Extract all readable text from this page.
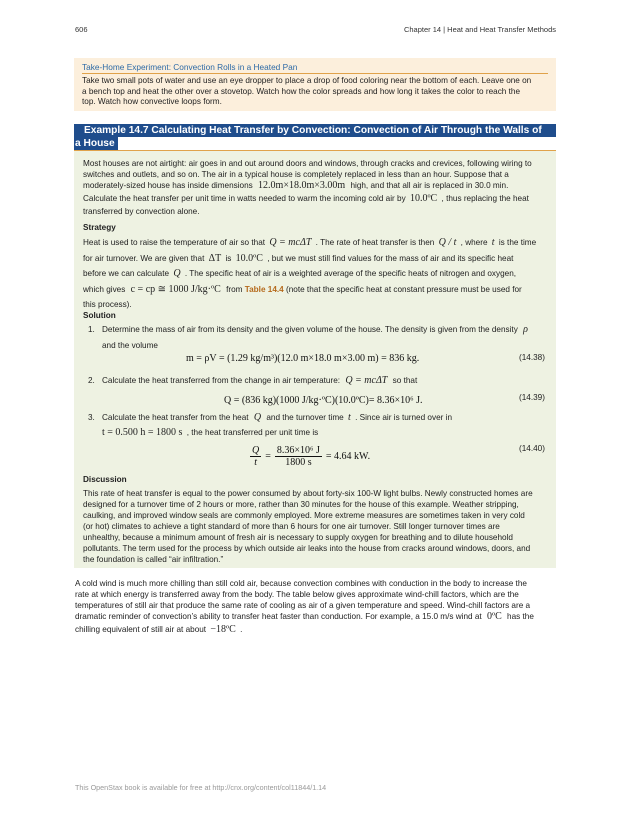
606	Chapter 14 | Heat and Heat Transfer Methods
Take-Home Experiment: Convection Rolls in a Heated Pan
Take two small pots of water and use an eye dropper to place a drop of food coloring near the bottom of each. Leave one on
a bench top and heat the other over a stovetop. Watch how the color spreads and how long it takes the color to reach the
top. Watch how convective loops form.
Example 14.7 Calculating Heat Transfer by Convection: Convection of Air Through the Walls of
a House
Most houses are not airtight: air goes in and out around doors and windows, through cracks and crevices, following wiring to
switches and outlets, and so on. The air in a typical house is completely replaced in less than an hour. Suppose that a
moderately-sized house has inside dimensions 12.0m×18.0m×3.00m high, and that all air is replaced in 30.0 min.
Calculate the heat transfer per unit time in watts needed to warm the incoming cold air by 10.0ºC , thus replacing the heat
transferred by convection alone.
Strategy
Heat is used to raise the temperature of air so that Q = mcΔT . The rate of heat transfer is then Q / t , where t is the time
for air turnover. We are given that ΔT is 10.0ºC , but we must still find values for the mass of air and its specific heat
before we can calculate Q . The specific heat of air is a weighted average of the specific heats of nitrogen and oxygen,
which gives c = cp ≅ 1000 J/kg·ºC from Table 14.4 (note that the specific heat at constant pressure must be used for
this process).
Solution
1. Determine the mass of air from its density and the given volume of the house. The density is given from the density ρ
and the volume
m = ρV = (1.29 kg/m³)(12.0 m×18.0 m×3.00 m) = 836 kg.	(14.38)
2. Calculate the heat transferred from the change in air temperature: Q = mcΔT so that
Q = (836 kg)(1000 J/kg·ºC)(10.0ºC)= 8.36×10⁶ J.	(14.39)
3. Calculate the heat transfer from the heat Q and the turnover time t . Since air is turned over in
t = 0.500 h = 1800 s , the heat transferred per unit time is
$\frac{Q}{t} = \frac{\text{8.36×10⁶ J}}{1800 s} = 4.64$ kW.
(14.40)
Discussion
This rate of heat transfer is equal to the power consumed by about forty-six 100-W light bulbs. Newly constructed homes are
designed for a turnover time of 2 hours or more, rather than 30 minutes for the house of this example. Weather stripping,
caulking, and improved window seals are commonly employed. More extreme measures are sometimes taken in very cold
(or hot) climates to achieve a tight standard of more than 6 hours for one air turnover. Still longer turnover times are
unhealthy, because a minimum amount of fresh air is necessary to supply oxygen for breathing and to dilute household
pollutants. The term used for the process by which outside air leaks into the house from cracks around windows, doors, and
the foundation is called “air infiltration.”
A cold wind is much more chilling than still cold air, because convection combines with conduction in the body to increase the
rate at which energy is transferred away from the body. The table below gives approximate wind-chill factors, which are the
temperatures of still air that produce the same rate of cooling as air of a given temperature and speed. Wind-chill factors are a
dramatic reminder of convection’s ability to transfer heat faster than conduction. For example, a 15.0 m/s wind at 0ºC has the
chilling equivalent of still air at about −18ºC .
This OpenStax book is available for free at http://cnx.org/content/col11844/1.14
